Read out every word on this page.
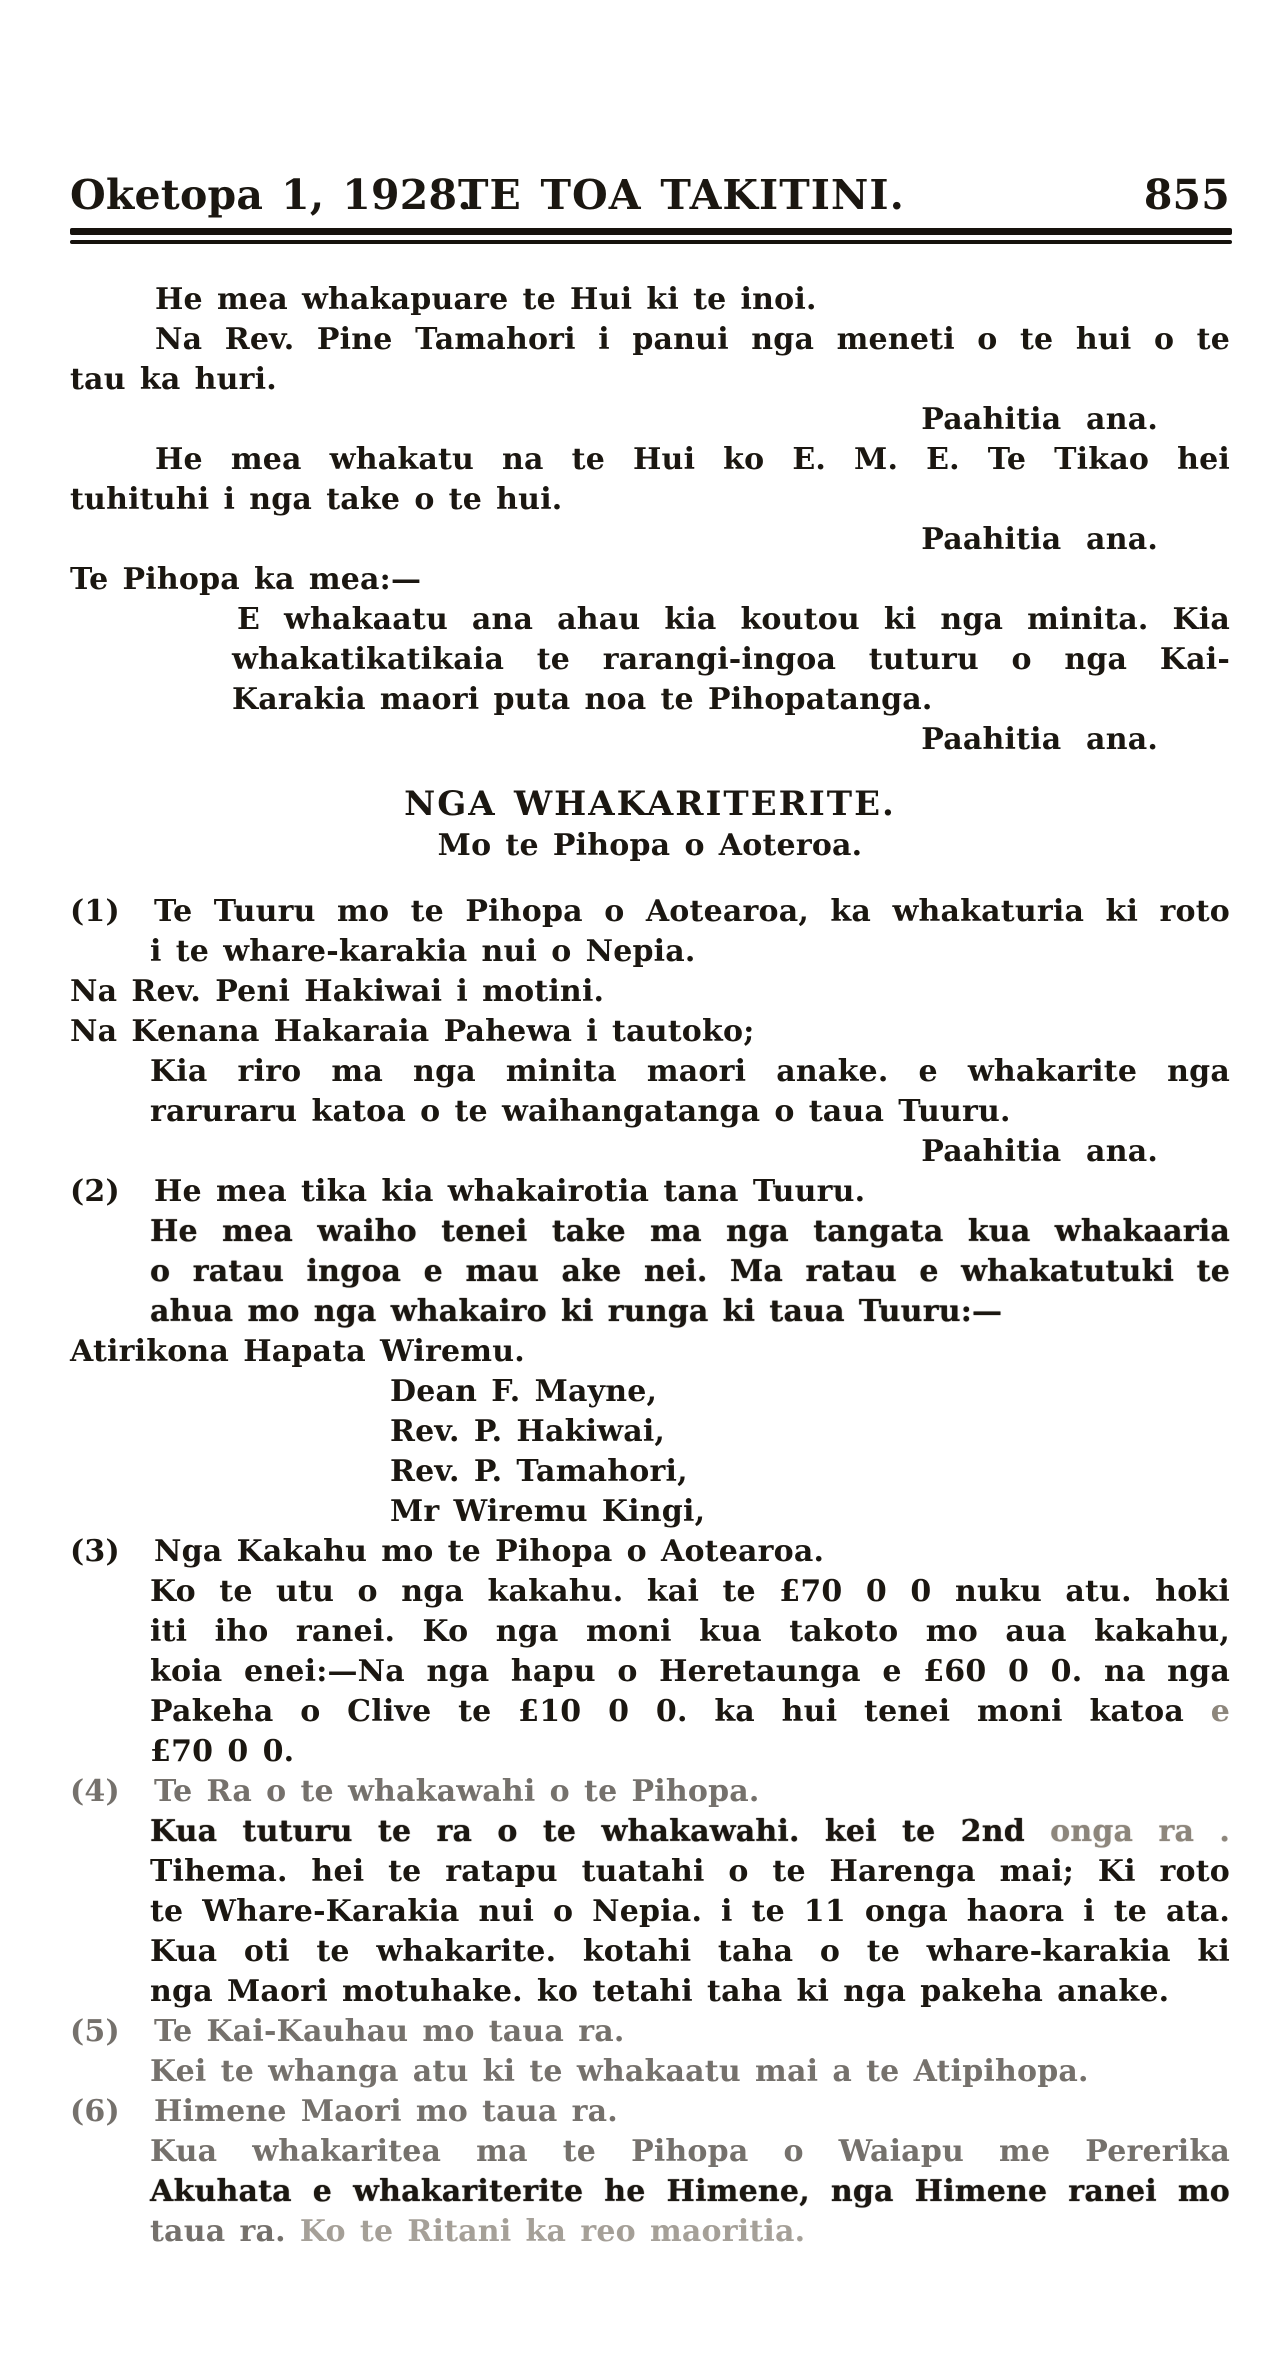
Oketopa 1, 1928.
TE TOA TAKITINI.	855
He mea whakapuare te Hui ki te inoi.
Na Rev. Pine Tamahori i panui nga meneti o te hui o te
tau ka huri.
Paahitia ana.
He mea whakatu na te Hui ko E. M. E. Te Tikao hei
tuhituhi i nga take o te hui.
Paahitia ana.
Te Pihopa ka mea:—
E whakaatu ana ahau kia koutou ki nga minita. Kia
whakatikatikaia te rarangi-ingoa tuturu o nga Kai-
Karakia maori puta noa te Pihopatanga.
Paahitia ana.
NGA WHAKARITERITE.
Mo te Pihopa o Aoteroa.
(1)	Te Tuuru mo te Pihopa o Aotearoa, ka whakaturia ki roto
i te whare-karakia nui o Nepia.
Na Rev. Peni Hakiwai i motini.
Na Kenana Hakaraia Pahewa i tautoko;
Kia riro ma nga minita maori anake. e whakarite nga
raruraru katoa o te waihangatanga o taua Tuuru.
Paahitia ana.
(2)	He mea tika kia whakairotia tana Tuuru.
He mea waiho tenei take ma nga tangata kua whakaaria
o ratau ingoa e mau ake nei. Ma ratau e whakatutuki te
ahua mo nga whakairo ki runga ki taua Tuuru:—
Atirikona Hapata Wiremu.
Dean F. Mayne,
Rev. P. Hakiwai,
Rev. P. Tamahori,
Mr Wiremu Kingi,
(3)	Nga Kakahu mo te Pihopa o Aotearoa.
Ko te utu o nga kakahu. kai te £70 0 0 nuku atu. hoki
iti iho ranei. Ko nga moni kua takoto mo aua kakahu,
koia enei:—Na nga hapu o Heretaunga e £60 0 0. na nga
Pakeha o Clive te £10 0 0. ka hui tenei moni katoa e
£70 0 0.
(4)	Te Ra o te whakawahi o te Pihopa.
Kua tuturu te ra o te whakawahi. kei te 2nd onga ra .
Tihema. hei te ratapu tuatahi o te Harenga mai; Ki roto
te Whare-Karakia nui o Nepia. i te 11 onga haora i te ata.
Kua oti te whakarite. kotahi taha o te whare-karakia ki
nga Maori motuhake. ko tetahi taha ki nga pakeha anake.
(5)	Te Kai-Kauhau mo taua ra.
Kei te whanga atu ki te whakaatu mai a te Atipihopa.
(6)	Himene Maori mo taua ra.
Kua whakaritea ma te Pihopa o Waiapu me Pererika
Akuhata e whakariterite he Himene, nga Himene ranei mo
taua ra. Ko te Ritani ka reo maoritia.
